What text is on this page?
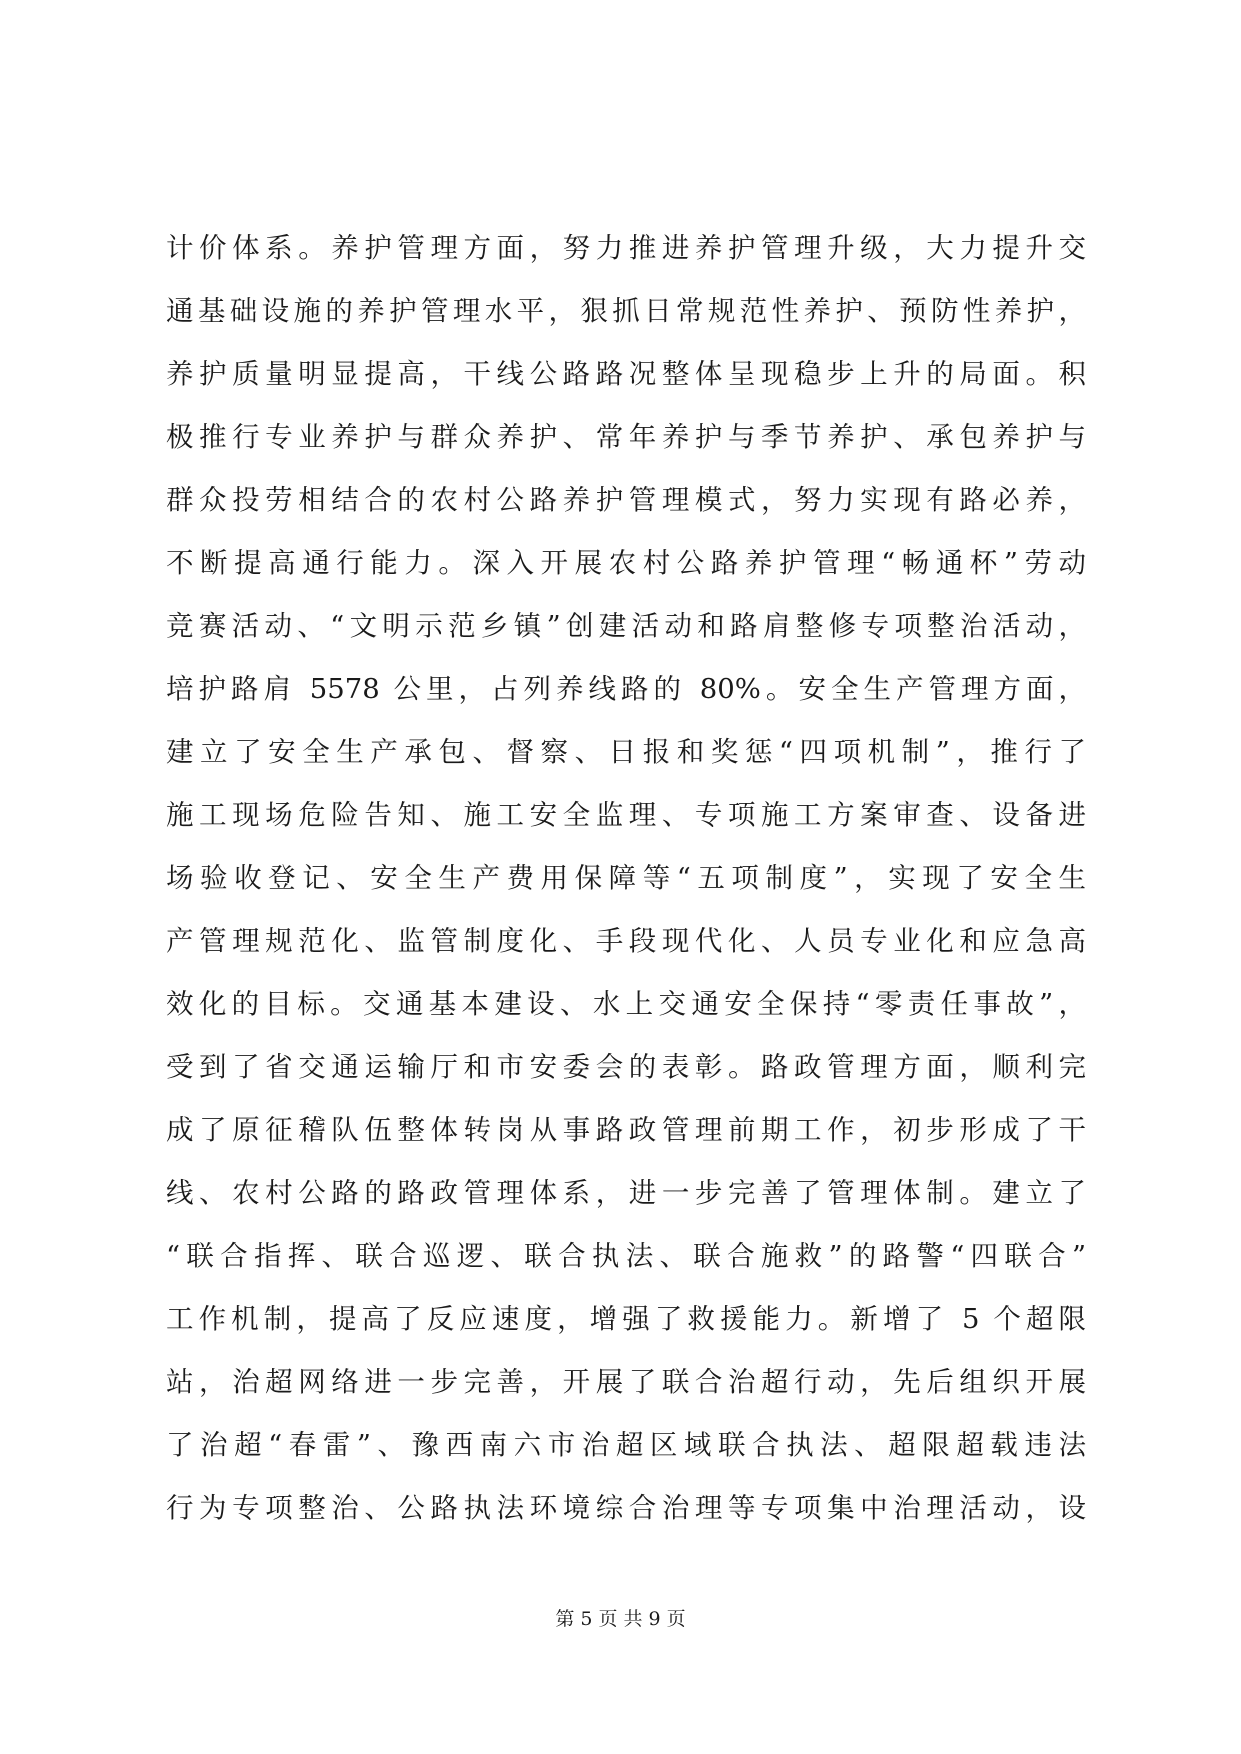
计价体系。养护管理方面，努力推进养护管理升级，大力提升交
通基础设施的养护管理水平，狠抓日常规范性养护、预防性养护，
养护质量明显提高，干线公路路况整体呈现稳步上升的局面。积
极推行专业养护与群众养护、常年养护与季节养护、承包养护与
群众投劳相结合的农村公路养护管理模式，努力实现有路必养，
不断提高通行能力。深入开展农村公路养护管理“畅通杯”劳动
竞赛活动、“文明示范乡镇”创建活动和路肩整修专项整治活动，
培护路肩 5578 公里，占列养线路的 80%。安全生产管理方面，
建立了安全生产承包、督察、日报和奖惩“四项机制”，推行了
施工现场危险告知、施工安全监理、专项施工方案审查、设备进
场验收登记、安全生产费用保障等“五项制度”，实现了安全生
产管理规范化、监管制度化、手段现代化、人员专业化和应急高
效化的目标。交通基本建设、水上交通安全保持“零责任事故”，
受到了省交通运输厅和市安委会的表彰。路政管理方面，顺利完
成了原征稽队伍整体转岗从事路政管理前期工作，初步形成了干
线、农村公路的路政管理体系，进一步完善了管理体制。建立了
“联合指挥、联合巡逻、联合执法、联合施救”的路警“四联合”
工作机制，提高了反应速度，增强了救援能力。新增了 5 个超限
站，治超网络进一步完善，开展了联合治超行动，先后组织开展
了治超“春雷”、豫西南六市治超区域联合执法、超限超载违法
行为专项整治、公路执法环境综合治理等专项集中治理活动，设
第 5 页 共 9 页
